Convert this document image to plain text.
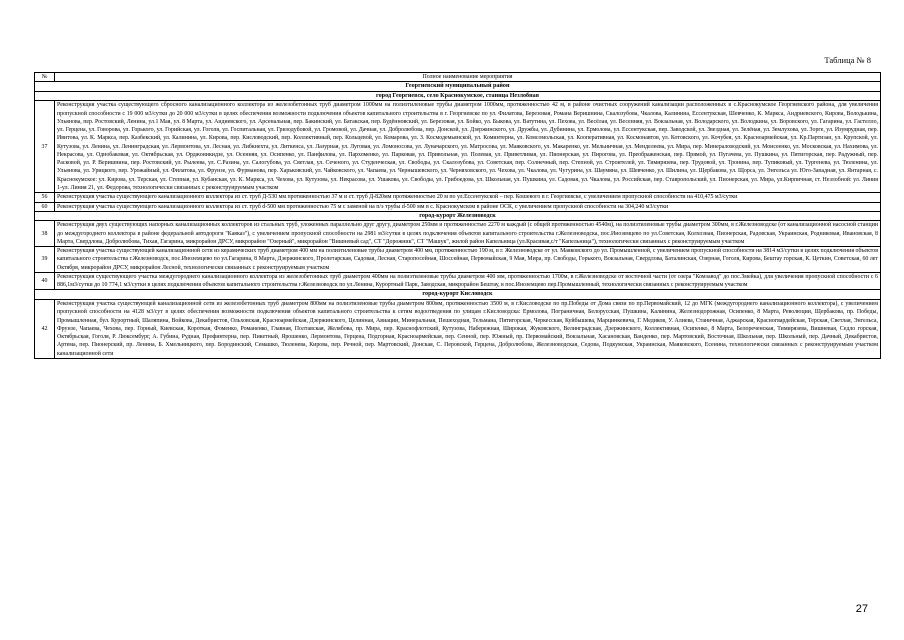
Таблица № 8
№	Полное наименование мероприятия
Георгиевский муниципальный район	
город Георгиевск, село Краснокумское, станица Незлобная	
37	Реконструкция участка существующего сбросного канализационного коллектора из железобетонных труб диаметром 1000мм на полиэтиленовые трубы диаметром 1000мм, протяженностью 42 м, в районе очистных сооружений канализации расположенных в с.Краснокумское Георгиевского района, для увеличения пропускной способности с 19 000 м3/сутки до 20 000 м3/сутки в целях обеспечения возможности подключения объектов капитального строительства в г. Георгиевске по ул. Филатова, Березовая, Романа Веришнина, Скалозубова, Чкалова, Калинина, Ессентукская, Шевченко, К. Маркса, Андриевского, Кирова, Володькина, Ульянова, пер. Ростовский, Ленина, ул.1 Мая, ул. 8 Марта, ул. Андиевского, ул. Арсенальная, пер. Бакинский, ул. Батакская, пер. Будённовский, ул. Березовая, ул. Бойко, ул. Быкова, ул. Ватутина, ул. Пехова, ул. Весёлая, ул. Весенняя, ул. Вокзальная, ул. Володарского, ул. Володкина, ул. Воровского, ул. Гагарина, ул. Гастелло, ул. Герцена, ул. Говорова, ул. Горького, ул. Горийская, ул. Гоголя, ул. Госпитальная, ул. Гризодубовой, ул. Громовой, ул. Дачная, ул. Добролюбова, пер. Донской, ул. Дзержинского, ул. Дружбы, ул. Дубинина, ул. Ермолова, ул. Ессентукская, пер. Заводской, ул. Звездная, ул. Зелёная, ул. Землухова, ул. Зорге, ул. Изумрудная, пер. Ивитова, ул. К. Маркса, пер. Казбекский, ул. Калинина, ул. Кирова, пер. Кисловодский, пер. Коллективный, пер. Кольцевой, ул. Комарова, ул. З. Космодемьянской, ул. Коминтерна, ул. Комсомольская, ул. Кооперативная, ул. Космонавтов, ул. Котовского, ул. Кочубея, ул. Красноармейская, ул. Кр.Партизан, ул. Крупской, ул. Кутузова, ул. Ленина, ул. Ленинградская, ул. Лермонтова, ул. Лесная, ул. Либкнехта, ул. Литкенса, ул. Лазурная, ул. Луговая, ул. Ломоносова, ул. Луначарского, ул. Матросова, ул. Маяковского, ул. Макаренко, ул. Мельничная, ул. Менделеева, ул. Мира, пер. Минераловодский, ул. Моисеенко, ул. Московская, ул. Нахимова, ул. Некрасова, ул. Однобаковая, ул. Октябрьская, ул. Орджоникидзе, ул. Осенняя, ул. Осипенко, ул. Панфилова, ул. Пархоменко, ул. Парковая, ул. Привольная, ул. Полевая, ул. Приветливая, ул. Пионерская, ул. Пирогова, ул. Преображенская, пер. Прямой, ул. Пугачева, ул. Пушкина, ул. Пятигорская, пер. Радужный, пер. Расковой, ул. Р. Веришнина, пер. Ростовский, ул. Рылеева, ул. С.Разина, ул. Салогубова, ул. Светлая, ул. Сеченого, ул. Студенческая, ул. Свободы, ул. Скалозубова, ул. Советская, пер. Солнечный, пер. Степной, ул. Строителей, ул. Тимирязева, пер. Трудовой, ул. Тронина, пер. Тупиковый, ул. Тургенева, ул. Тюленина, ул. Ульянова, ул. Урицкого, пер. Урожайный, ул. Филатова, ул. Фрунзе, ул. Фурманова, пер. Харьковский, ул. Чайковского, ул. Чапаева, ул. Чернышевского, ул. Черняховского, ул. Чехова, ул. Чкалова, ул. Чугурина, ул. Шаумяна, ул. Шевченко, ул. Шилина, ул. Щербакова, ул. Щорса, ул. Энгельса ул. Юго-Западная, ул. Янтарная, с. Краснокумское: ул. Кирова, ул. Терская, ул. Степная, ул. Кубанская, ул. К. Маркса, ул. Чехова, ул. Кутузова, ул. Некрасова, ул. Ушакова, ул. Свободы, ул. Грибоедова, ул. Школьная, ул. Пушкина, ул. Садовая, ул. Чкалова, ул. Российская, пер. Ставропольский, ул. Пионерская, ул. Мира, ул.Кирпичная, ст. Незлобной: ул. Линия 1-ул. Линия 21, ул. Федорова, технологически связанных с реконструируемым участком
56	Реконструкция участка существующего канализационного коллектора из ст. труб Д-530 мм протяженностью 37 м и ст. труб Д-820мм протяженностью 20 м по ул.Ессентукской – пер. Кошевого в г. Георгиевске, с увеличением пропускной способности на 410,475 м3/сутки
60	Реконструкция участка существующего канализационного коллектора из ст. труб d-500 мм протяженностью 75 м с заменой на п/э трубы d-500 мм в с. Краснокумском в районе ОСК, с увеличением пропускной способности на 304,240 м3/сутки
город-курорт Железноводск	
38	Реконструкция двух существующих напорных канализационных коллекторов из стальных труб, уложенных параллельно друг другу, диаметром 250мм и протяженностью 2270 м каждый (с общей протяженностью 4540м), на полиэтиленовые трубы диаметром 300мм, в г.Железноводске (от канализационной насосной станции до междугороднего коллектора в районе федеральной автодороги "Кавказ"), с увеличением пропускной способности на 2981 м3/сутки в целях подключения объектов капитального строительства г.Железноводска, пос.Иноземцево по ул.Советская, Колхозная, Пионерская, Радовская, Украинская, Родниковая, Ивановская, 8 Марта, Свердлова, Добролюбова, Тихая, Гагарина, микрорайон ДРСУ, микрорайон "Озерный", микрорайон "Вишневый сад", СТ "Дорожник", СТ "Машук", жилой район Капельница (ул.Красивая,с/т "Капельница"), технологически связанных с реконструируемым участком
39	Реконструкция участка существующей канализационной сети из керамических труб диаметром 400 мм на полиэтиленовые трубы диаметром 400 мм, протяженностью 190 м, в г. Железноводске от ул. Маяковского до ул. Промышленной, с увеличением пропускной способности на 3814 м3/сутки в целях подключения объектов капитального строительства г.Железноводск, пос.Иноземцево по ул.Гагарина, 8 Марта, Дзержинского, Пролетарская, Садовая, Лесная, Старопосейная, Шоссейная, Первомайская, 9 Мая, Мира, пр. Свободы, Горького, Вокзальная, Свердлова, Баталинская, Озерная, Гоголя, Кирова, Бештау горская, К. Цеткин, Советская, 60 лет Октября, микрорайон ДРСУ, микрорайон Лесной, технологически связанных с реконструируемым участком
40	Реконструкция существующего участка междугороднего канализационного коллектора из железобетонных труб диаметром 400мм на полиэтиленовые трубы диаметром 400 мм, протяженностью 1700м, в г.Железноводске от восточной части (от озера "Комзавод" до пос.Змейка), для увеличения пропускной способности с 6 886,1м3/сутки до 10 774,1 м3/сутки в целях подключения объектов капитального строительства г.Железноводск по ул.Ленина, Курортный Парк, Заводская, микрорайон Бештау, в пос.Иноземцево пер.Промышленный, технологически связанных с реконструируемым участком
город-курорт Кисловодск	
42	Реконструкция участка существующей канализационной сети из железобетонных труб диаметром 800мм на полиэтиленовые трубы диаметром 800мм, протяженностью 3500 м, в г.Кисловодске по пр.Победы от Дома связи по пр.Первомайский, 12 до МГК (междугороднего канализационного коллектора), с увеличением пропускной способности на 4128 м3/сут в целях обеспечения возможности подключения объектов капитального строительства к сетям водоотведения по улицам г.Кисловодска: Ермолова, Пограничная, Белорусская, Пушкина, Калинина, Железнодорожная, Осипенко, 8 Марта, Революции, Щербакова, пр. Победы, Промышленная, бул. Курортный, Шаляпина, Войкова, Декабристов, Ольховская, Красноармейская, Дзержинского, Целинная, Авиации, Минеральная, Пешеходная, Тельмана, Пятигорская, Черкесская, Куйбышева, Марцинкевича, Г. Медиков, У. Алиева, Станичная, Аджарская, Красногвардейская, Терская, Светлая, Энгельса, Фрунзе, Чапаева, Чехова, пер. Горный, Киевская, Короткая, Фоменко, Романенко, Главная, Полтавская, Желябова, пр. Мира, пер. Краснофлотский, Кутузова, Набережная, Широкая, Жуковского, Велинградская, Дзержинского, Коллективная, Осипенко, 8 Марта, Белореченская, Тимирязева, Вишневая, Седло горская, Октябрьская, Гоголя, Р. Люксембург, А. Губина, Рудная, Профинтерна, пер. Пикетный, Ярошенко, Лермонтова, Герцена, Подгорная, Красноармейская, пер. Сенной, пер. Южный, пр. Первомайский, Вокзальная, Хасановская, Ванденко, пер. Мартовский, Восточная, Школьная, пер. Школьный, пер. Дачный, Декабристов, Артема, пер. Пионерский, пр. Ленина, Б. Хмельницкого, пер. Бородинский, Семашко, Тюленева, Кирова, пер. Речной, пер. Мартовский, Донская, С. Перовской, Герцена, Добролюбова, Железноводская, Седова, Подкумская, Украинская, Маяковского, Есенина, технологически связанных с реконструируемым участком канализационной сети
27
